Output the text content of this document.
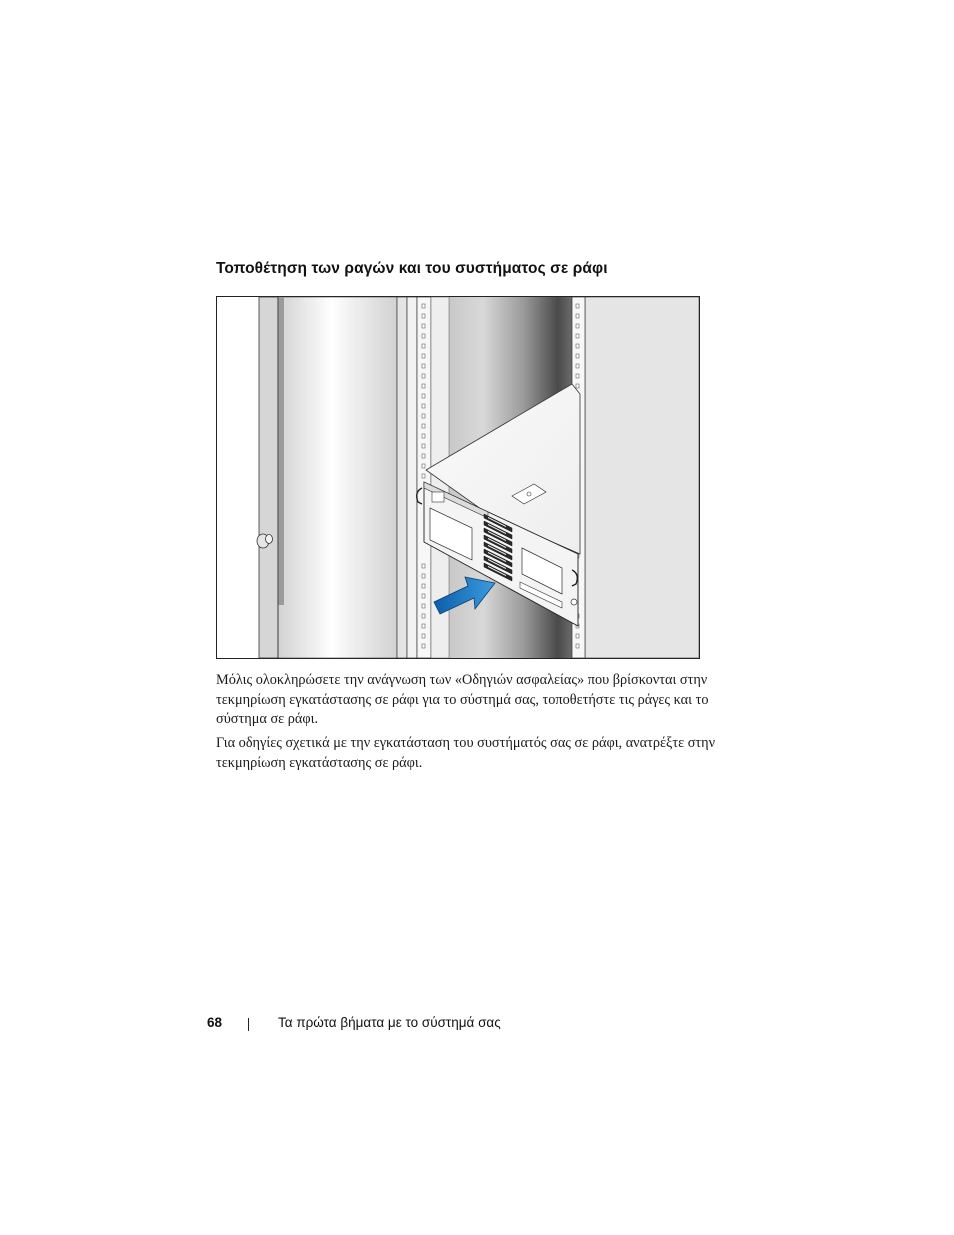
Τοποθέτηση των ραγών και του συστήματος σε ράφι

Μόλις ολοκληρώσετε την ανάγνωση των «Οδηγιών ασφαλείας» που βρίσκονται στην τεκμηρίωση εγκατάστασης σε ράφι για το σύστημά σας, τοποθετήστε τις ράγες και το σύστημα σε ράφι.

Για οδηγίες σχετικά με την εγκατάσταση του συστήματός σας σε ράφι, ανατρέξτε στην τεκμηρίωση εγκατάστασης σε ράφι.

68	Τα πρώτα βήματα με το σύστημά σας
